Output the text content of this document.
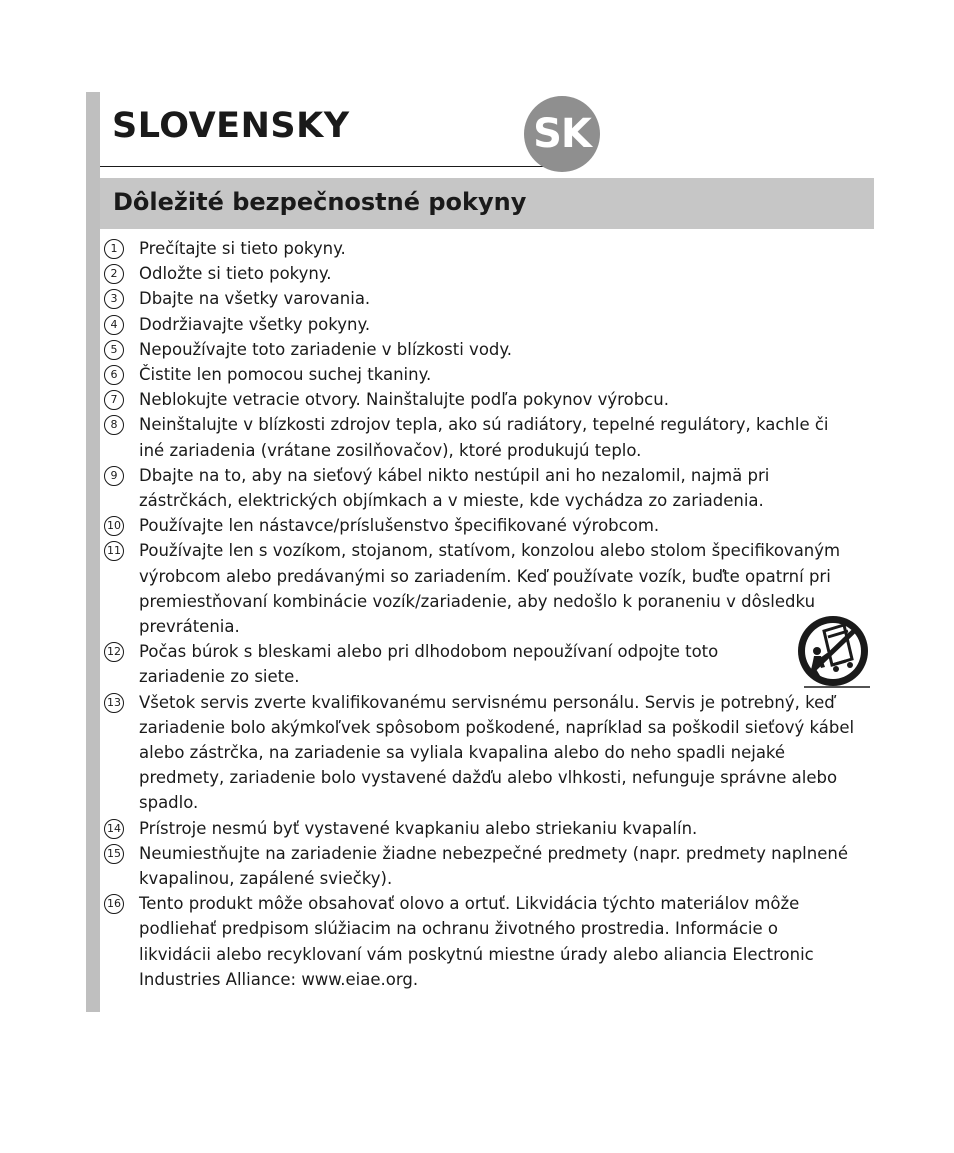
SLOVENSKY	SK
Dôležité bezpečnostné pokyny
1	Prečítajte si tieto pokyny.
2	Odložte si tieto pokyny.
3	Dbajte na všetky varovania.
4	Dodržiavajte všetky pokyny.
5	Nepoužívajte toto zariadenie v blízkosti vody.
6	Čistite len pomocou suchej tkaniny.
7	Neblokujte vetracie otvory. Nainštalujte podľa pokynov výrobcu.
8	Neinštalujte v blízkosti zdrojov tepla, ako sú radiátory, tepelné regulátory, kachle či
iné zariadenia (vrátane zosilňovačov), ktoré produkujú teplo.
9	Dbajte na to, aby na sieťový kábel nikto nestúpil ani ho nezalomil, najmä pri
zástrčkách, elektrických objímkach a v mieste, kde vychádza zo zariadenia.
10 Používajte len nástavce/príslušenstvo špecifikované výrobcom.
11 Používajte len s vozíkom, stojanom, statívom, konzolou alebo stolom špecifikovaným
výrobcom alebo predávanými so zariadením. Keď používate vozík, buďte opatrní pri
premiestňovaní kombinácie vozík/zariadenie, aby nedošlo k poraneniu v dôsledku
prevrátenia.
12 Počas búrok s bleskami alebo pri dlhodobom nepoužívaní odpojte toto
zariadenie zo siete.
13 Všetok servis zverte kvalifikovanému servisnému personálu. Servis je potrebný, keď
zariadenie bolo akýmkoľvek spôsobom poškodené, napríklad sa poškodil sieťový kábel
alebo zástrčka, na zariadenie sa vyliala kvapalina alebo do neho spadli nejaké
predmety, zariadenie bolo vystavené dažďu alebo vlhkosti, nefunguje správne alebo
spadlo.
14 Prístroje nesmú byť vystavené kvapkaniu alebo striekaniu kvapalín.
15 Neumiestňujte na zariadenie žiadne nebezpečné predmety (napr. predmety naplnené
kvapalinou, zapálené sviečky).
16 Tento produkt môže obsahovať olovo a ortuť. Likvidácia týchto materiálov môže
podliehať predpisom slúžiacim na ochranu životného prostredia. Informácie o
likvidácii alebo recyklovaní vám poskytnú miestne úrady alebo aliancia Electronic
Industries Alliance: www.eiae.org.
